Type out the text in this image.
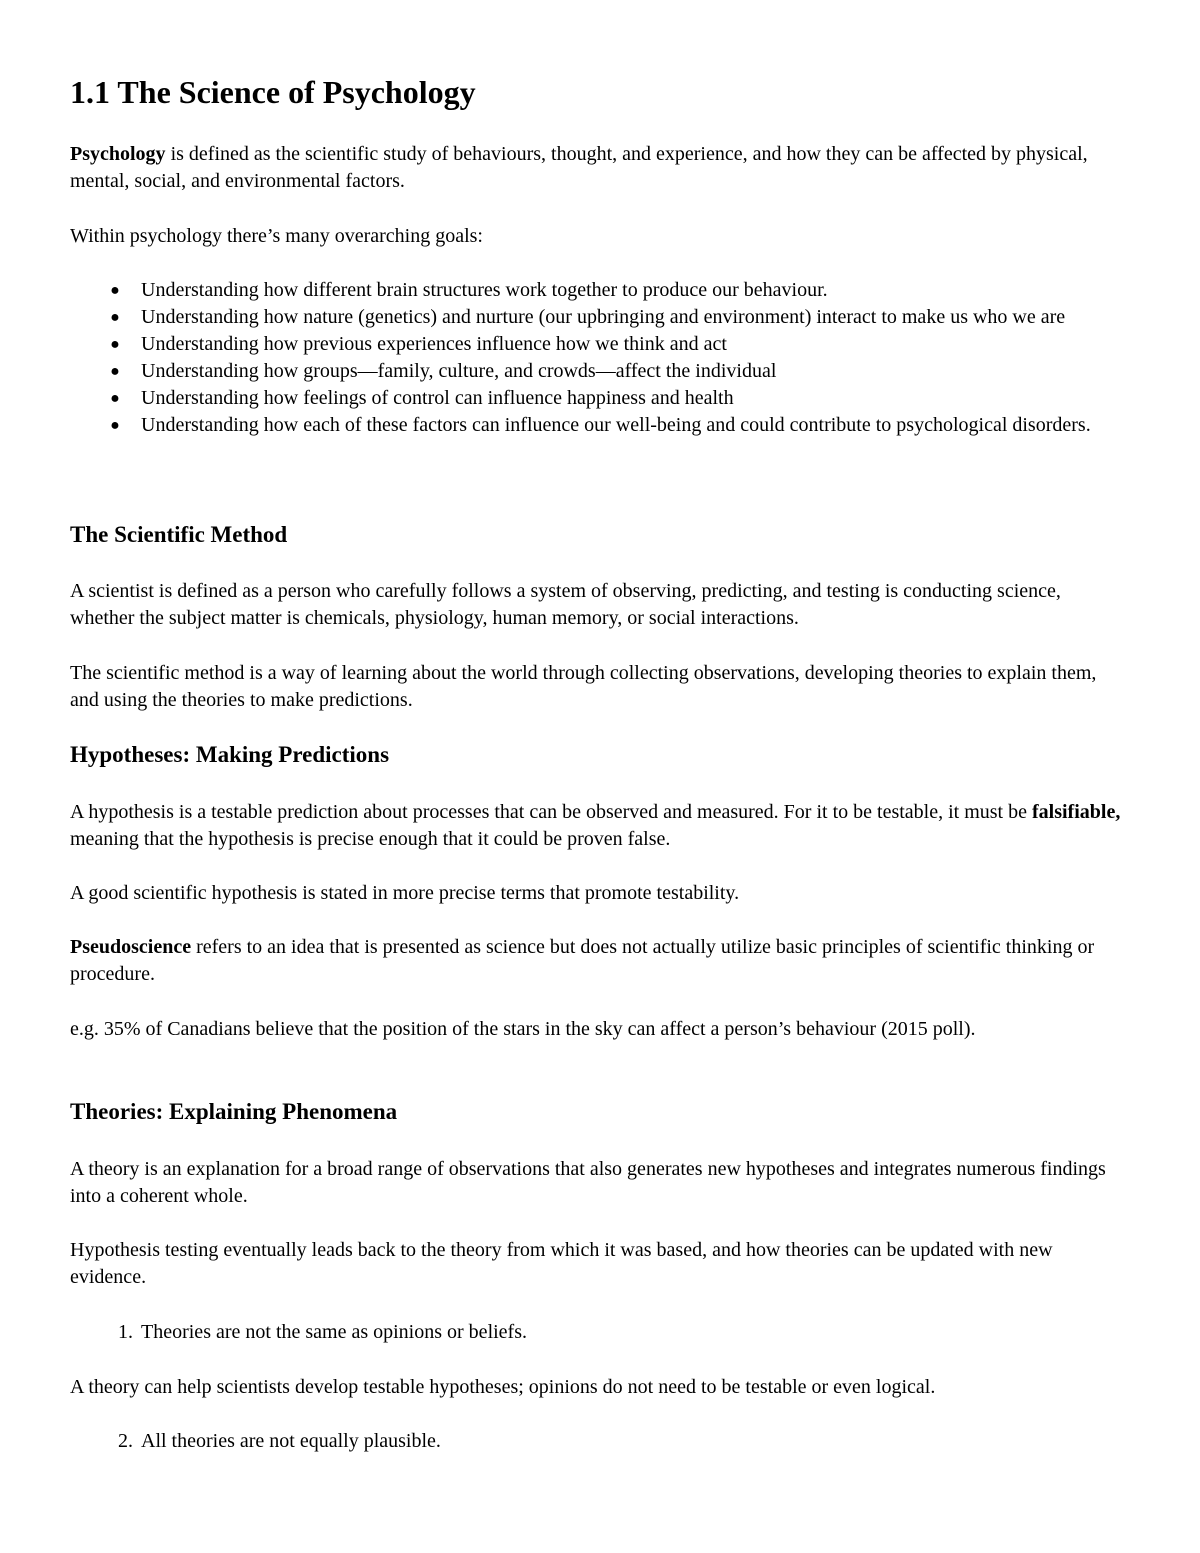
1.1 The Science of Psychology

Psychology is defined as the scientific study of behaviours, thought, and experience, and how they can be affected by physical, mental, social, and environmental factors.

Within psychology there’s many overarching goals:

● Understanding how different brain structures work together to produce our behaviour.
● Understanding how nature (genetics) and nurture (our upbringing and environment) interact to make us who we are
● Understanding how previous experiences influence how we think and act
● Understanding how groups—family, culture, and crowds—affect the individual
● Understanding how feelings of control can influence happiness and health
● Understanding how each of these factors can influence our well-being and could contribute to psychological disorders.
The Scientific Method

A scientist is defined as a person who carefully follows a system of observing, predicting, and testing is conducting science, whether the subject matter is chemicals, physiology, human memory, or social interactions.

The scientific method is a way of learning about the world through collecting observations, developing theories to explain them, and using the theories to make predictions.

Hypotheses: Making Predictions

A hypothesis is a testable prediction about processes that can be observed and measured. For it to be testable, it must be falsifiable, meaning that the hypothesis is precise enough that it could be proven false.

A good scientific hypothesis is stated in more precise terms that promote testability.

Pseudoscience refers to an idea that is presented as science but does not actually utilize basic principles of scientific thinking or procedure.

e.g. 35% of Canadians believe that the position of the stars in the sky can affect a person’s behaviour (2015 poll).

Theories: Explaining Phenomena

A theory is an explanation for a broad range of observations that also generates new hypotheses and integrates numerous findings into a coherent whole.

Hypothesis testing eventually leads back to the theory from which it was based, and how theories can be updated with new evidence.

1. Theories are not the same as opinions or beliefs.

A theory can help scientists develop testable hypotheses; opinions do not need to be testable or even logical.

2. All theories are not equally plausible.
